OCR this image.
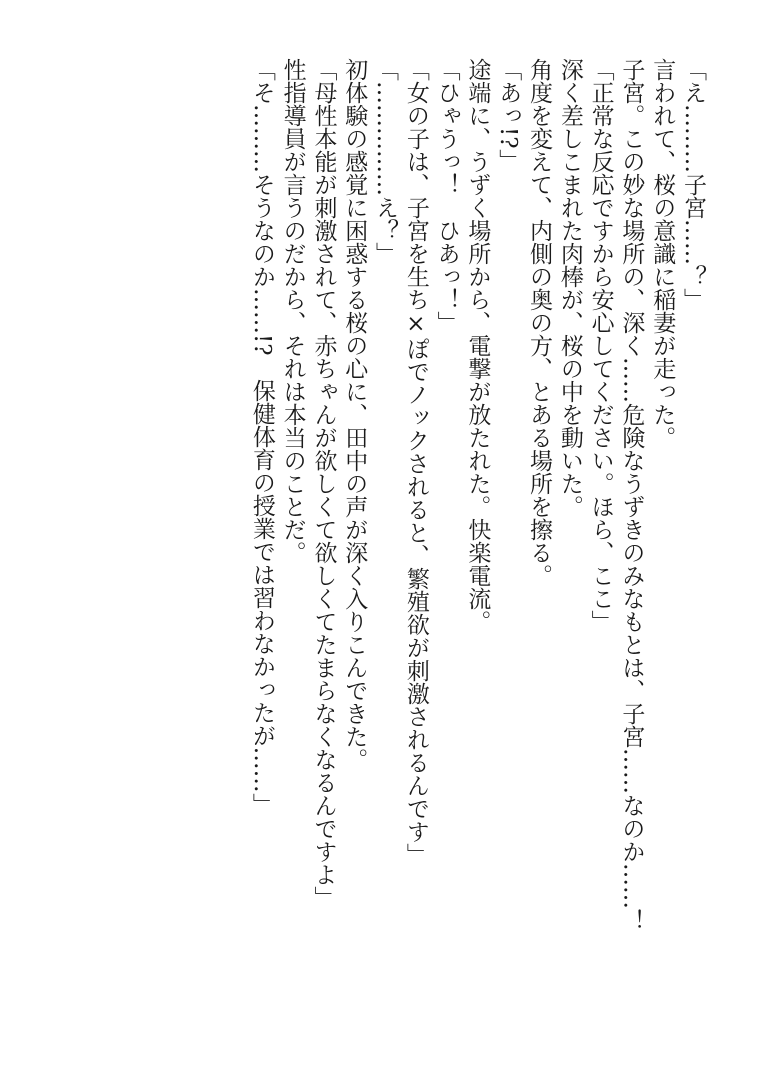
「え………子宮……？」
言われて、桜の意識に稲妻が走った。
子宮。この妙な場所の、深く……危険なうずきのみなもとは、子宮……なのか……！
「正常な反応ですから安心してください。ほら、ここ」
深く差しこまれた肉棒が、桜の中を動いた。
角度を変えて、内側の奥の方、とある場所を擦る。
「あっ!?」
途端に、うずく場所から、電撃が放たれた。快楽電流。
「ひゃうっ！　ひあっ！」
「女の子は、子宮を生ち×ぽでノックされると、繁殖欲が刺激されるんです」
「……………え？」
初体験の感覚に困惑する桜の心に、田中の声が深く入りこんできた。
「母性本能が刺激されて、赤ちゃんが欲しくて欲しくてたまらなくなるんですよ」
性指導員が言うのだから、それは本当のことだ。
「そ………そうなのか……!?　保健体育の授業では習わなかったが……」
